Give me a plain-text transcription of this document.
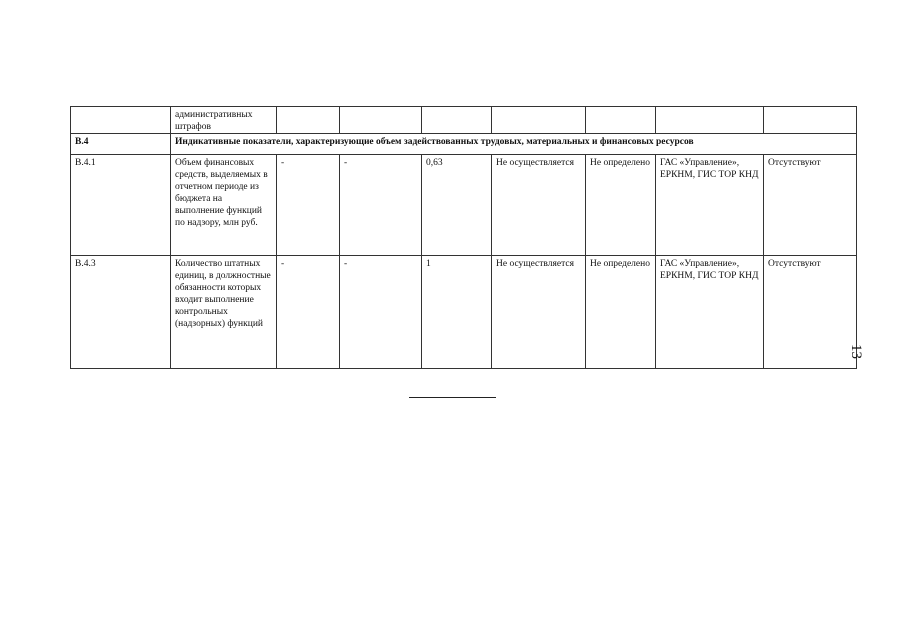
	административных штрафов							
В.4	Индикативные показатели, характеризующие объем задействованных трудовых, материальных и финансовых ресурсов							
В.4.1	Объем финансовых средств, выделяемых в отчетном периоде из бюджета на выполнение функций по надзору, млн руб.	-	-	0,63	Не осуществляется	Не определено	ГАС «Управление», ЕРКНМ, ГИС ТОР КНД	Отсутствуют
В.4.3	Количество штатных единиц, в должностные обязанности которых входит выполнение контрольных (надзорных) функций	-	-	1	Не осуществляется	Не определено	ГАС «Управление», ЕРКНМ, ГИС ТОР КНД	Отсутствуют
13
